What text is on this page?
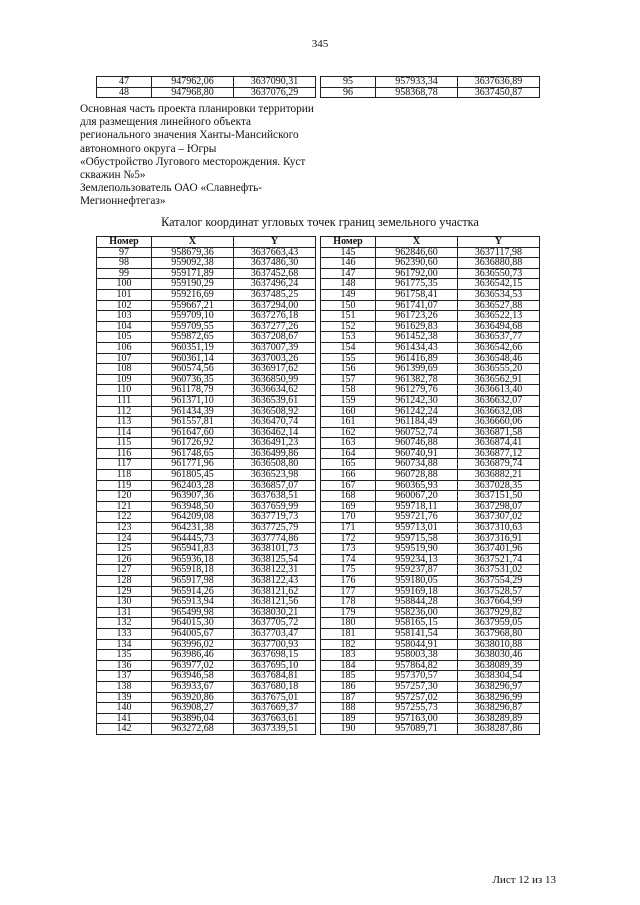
345
47	947962,06	3637090,31
48	947968,80	3637076,29
95	957933,34	3637636,89
96	958368,78	3637450,87
Основная часть проекта планировки территории
для размещения линейного объекта
регионального значения Ханты-Мансийского
автономного округа – Югры
«Обустройство Лугового месторождения. Куст
скважин №5»
Землепользователь ОАО «Славнефть-
Мегионнефтегаз»
Каталог координат угловых точек границ земельного участка
Номер	X	Y
97	958679,36	3637663,43
98	959092,38	3637486,30
99	959171,89	3637452,68
100	959190,29	3637496,24
101	959216,69	3637485,25
102	959667,21	3637294,00
103	959709,10	3637276,18
104	959709,55	3637277,26
105	959872,65	3637208,67
106	960351,19	3637007,39
107	960361,14	3637003,26
108	960574,56	3636917,62
109	960736,35	3636850,99
110	961178,79	3636634,62
111	961371,10	3636539,61
112	961434,39	3636508,92
113	961557,81	3636470,74
114	961647,60	3636462,14
115	961726,92	3636491,23
116	961748,65	3636499,86
117	961771,96	3636508,80
118	961805,45	3636523,98
119	962403,28	3636857,07
120	963907,36	3637638,51
121	963948,50	3637659,99
122	964209,08	3637719,73
123	964231,38	3637725,79
124	964445,73	3637774,86
125	965941,83	3638101,73
126	965936,18	3638125,54
127	965918,18	3638122,31
128	965917,98	3638122,43
129	965914,26	3638121,62
130	965913,94	3638121,56
131	965499,98	3638030,21
132	964015,30	3637705,72
133	964005,67	3637703,47
134	963996,02	3637700,93
135	963986,46	3637698,15
136	963977,02	3637695,10
137	963946,58	3637684,81
138	963933,67	3637680,18
139	963920,86	3637675,01
140	963908,27	3637669,37
141	963896,04	3637663,61
142	963272,68	3637339,51
Номер	X	Y
145	962846,60	3637117,98
146	962390,60	3636880,88
147	961792,00	3636550,73
148	961775,35	3636542,15
149	961758,41	3636534,53
150	961741,07	3636527,88
151	961723,26	3636522,13
152	961629,83	3636494,68
153	961452,38	3636537,77
154	961434,43	3636542,66
155	961416,89	3636548,46
156	961399,69	3636555,20
157	961382,78	3636562,91
158	961279,76	3636613,40
159	961242,30	3636632,07
160	961242,24	3636632,08
161	961184,49	3636660,06
162	960752,74	3636871,58
163	960746,88	3636874,41
164	960740,91	3636877,12
165	960734,88	3636879,74
166	960728,88	3636882,21
167	960365,93	3637028,35
168	960067,20	3637151,50
169	959718,11	3637298,07
170	959721,76	3637307,02
171	959713,01	3637310,63
172	959715,58	3637316,91
173	959519,90	3637401,96
174	959234,13	3637521,74
175	959237,87	3637531,02
176	959180,05	3637554,29
177	959169,18	3637528,57
178	958844,28	3637664,99
179	958236,00	3637929,82
180	958165,15	3637959,05
181	958141,54	3637968,80
182	958044,91	3638010,88
183	958003,38	3638030,46
184	957864,82	3638089,39
185	957370,57	3638304,54
186	957257,30	3638296,97
187	957257,02	3638296,99
188	957255,73	3638296,87
189	957163,00	3638289,89
190	957089,71	3638287,86
Лист 12 из 13
